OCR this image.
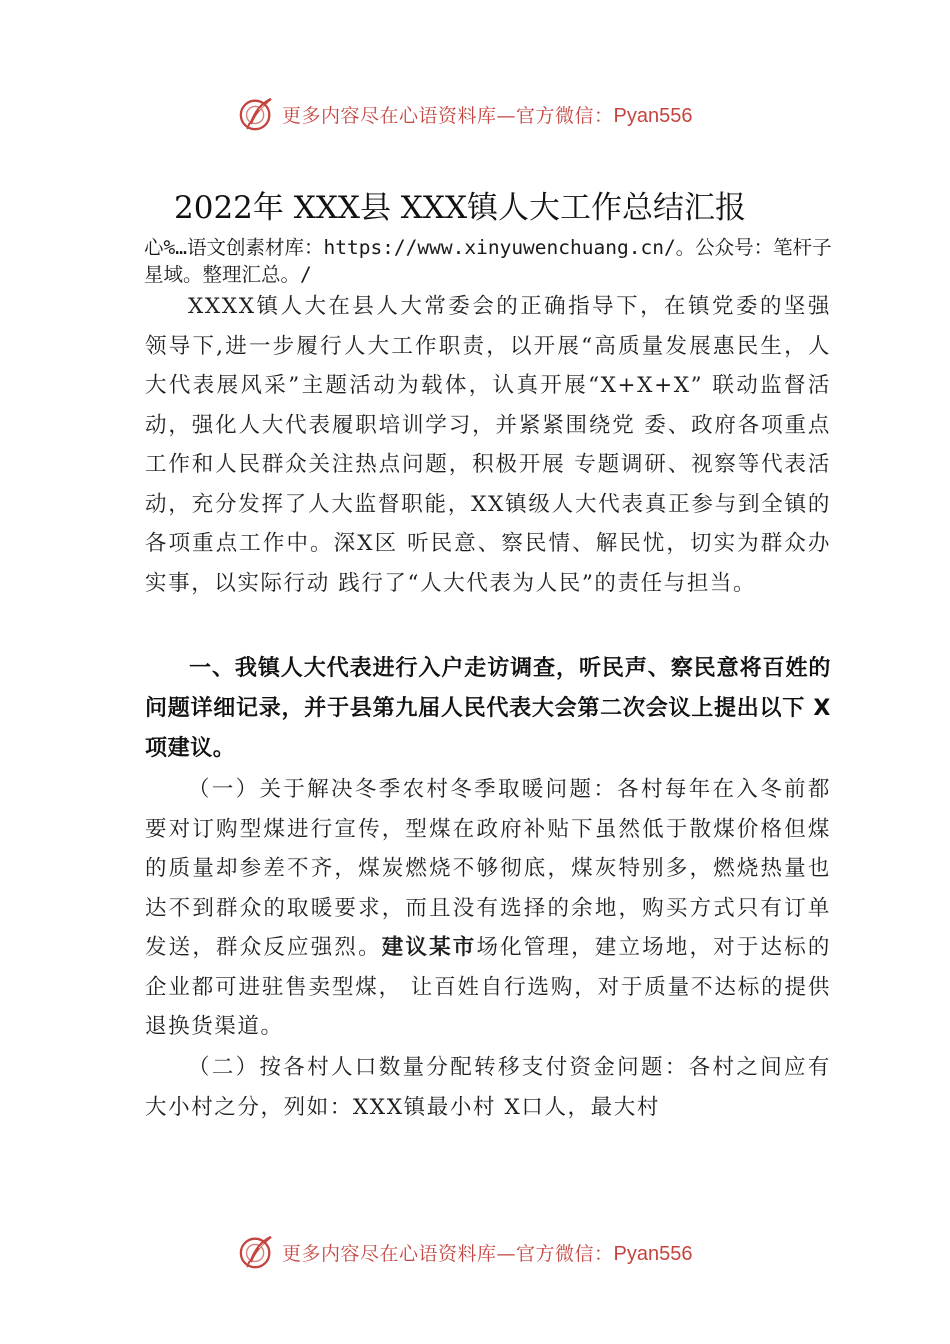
更多内容尽在心语资料库—官方微信：Pyan556
2022年 XXX县 XXX镇人大工作总结汇报

心%…语文创素材库：https://www.xinyuwenchuang.cn/。公众号：笔杆子星域。整理汇总。/

XXXX镇人大在县人大常委会的正确指导下，在镇党委的坚强领导下,进一步履行人大工作职责，以开展“高质量发展惠民生，人大代表展风采”主题活动为载体，认真开展“X+X+X” 联动监督活动，强化人大代表履职培训学习，并紧紧围绕党 委、政府各项重点工作和人民群众关注热点问题，积极开展 专题调研、视察等代表活动，充分发挥了人大监督职能，XX镇级人大代表真正参与到全镇的各项重点工作中。深X区 听民意、察民情、解民忧，切实为群众办实事，以实际行动 践行了“人大代表为人民”的责任与担当。

一、我镇人大代表进行入户走访调查，听民声、察民意将百姓的问题详细记录，并于县第九届人民代表大会第二次会议上提出以下 X 项建议。

（一）关于解决冬季农村冬季取暖问题：各村每年在入冬前都要对订购型煤进行宣传，型煤在政府补贴下虽然低于散煤价格但煤的质量却参差不齐，煤炭燃烧不够彻底，煤灰特别多，燃烧热量也达不到群众的取暖要求，而且没有选择的余地，购买方式只有订单发送，群众反应强烈。建议某市场化管理，建立场地，对于达标的企业都可进驻售卖型煤， 让百姓自行选购，对于质量不达标的提供退换货渠道。

（二）按各村人口数量分配转移支付资金问题：各村之间应有大小村之分，列如：XXX镇最小村 X口人，最大村

更多内容尽在心语资料库—官方微信：Pyan556
